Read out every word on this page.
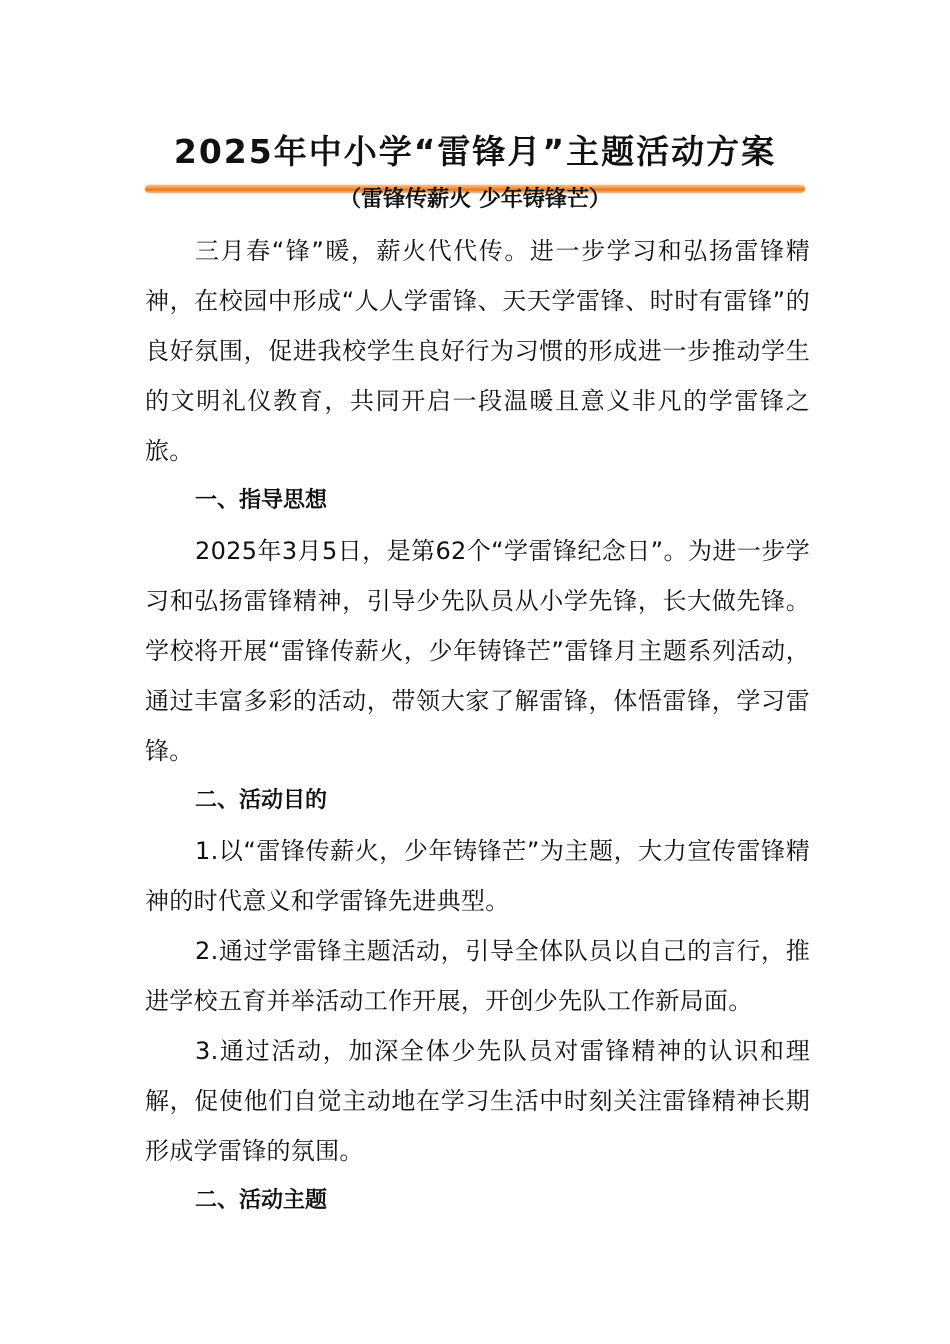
2025年中小学“雷锋月”主题活动方案
（雷锋传薪火 少年铸锋芒）

三月春“锋”暖，薪火代代传。进一步学习和弘扬雷锋精神，在校园中形成“人人学雷锋、天天学雷锋、时时有雷锋”的良好氛围，促进我校学生良好行为习惯的形成进一步推动学生的文明礼仪教育，共同开启一段温暖且意义非凡的学雷锋之旅。

一、指导思想

2025年3月5日，是第62个“学雷锋纪念日”。为进一步学习和弘扬雷锋精神，引导少先队员从小学先锋，长大做先锋。学校将开展“雷锋传薪火，少年铸锋芒”雷锋月主题系列活动，通过丰富多彩的活动，带领大家了解雷锋，体悟雷锋，学习雷锋。

二、活动目的

1.以“雷锋传薪火，少年铸锋芒”为主题，大力宣传雷锋精神的时代意义和学雷锋先进典型。

2.通过学雷锋主题活动，引导全体队员以自己的言行，推进学校五育并举活动工作开展，开创少先队工作新局面。

3.通过活动，加深全体少先队员对雷锋精神的认识和理解，促使他们自觉主动地在学习生活中时刻关注雷锋精神长期形成学雷锋的氛围。

二、活动主题
